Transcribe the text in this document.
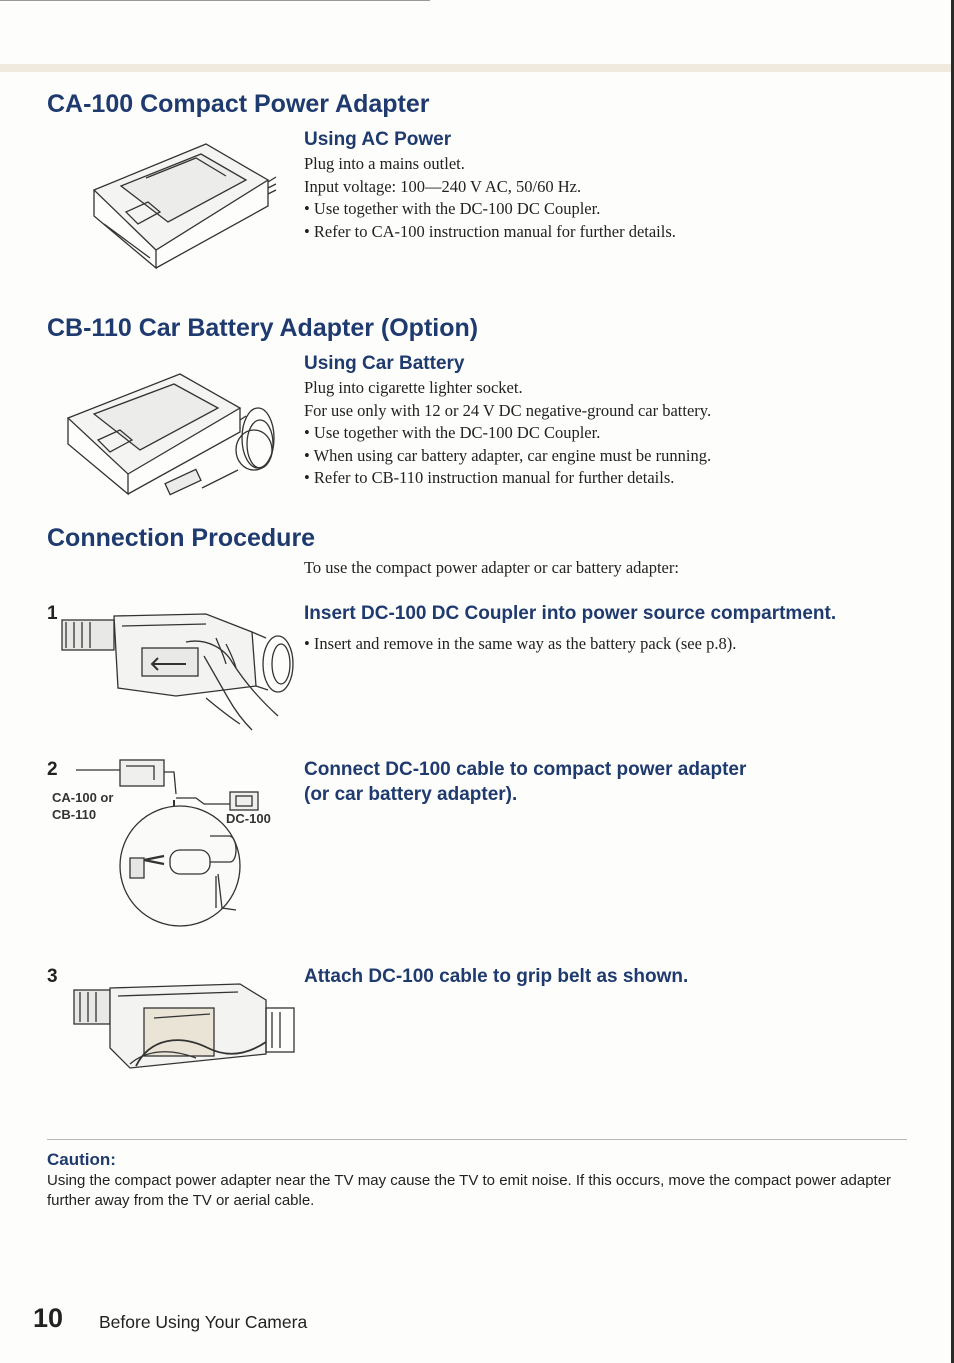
CA-100 Compact Power Adapter
Using AC Power
Plug into a mains outlet.
Input voltage: 100—240 V AC, 50/60 Hz.
• Use together with the DC-100 DC Coupler.
• Refer to CA-100 instruction manual for further details.
CB-110 Car Battery Adapter (Option)
Using Car Battery
Plug into cigarette lighter socket.
For use only with 12 or 24 V DC negative-ground car battery.
• Use together with the DC-100 DC Coupler.
• When using car battery adapter, car engine must be running.
• Refer to CB-110 instruction manual for further details.
Connection Procedure
To use the compact power adapter or car battery adapter:
1	Insert DC-100 DC Coupler into power source compartment.
• Insert and remove in the same way as the battery pack (see p.8).
2
CA-100 or
CB-110	DC-100
Connect DC-100 cable to compact power adapter
(or car battery adapter).
3	Attach DC-100 cable to grip belt as shown.
Caution:
Using the compact power adapter near the TV may cause the TV to emit noise. If this occurs, move the compact power adapter further away from the TV or aerial cable.
10 Before Using Your Camera
